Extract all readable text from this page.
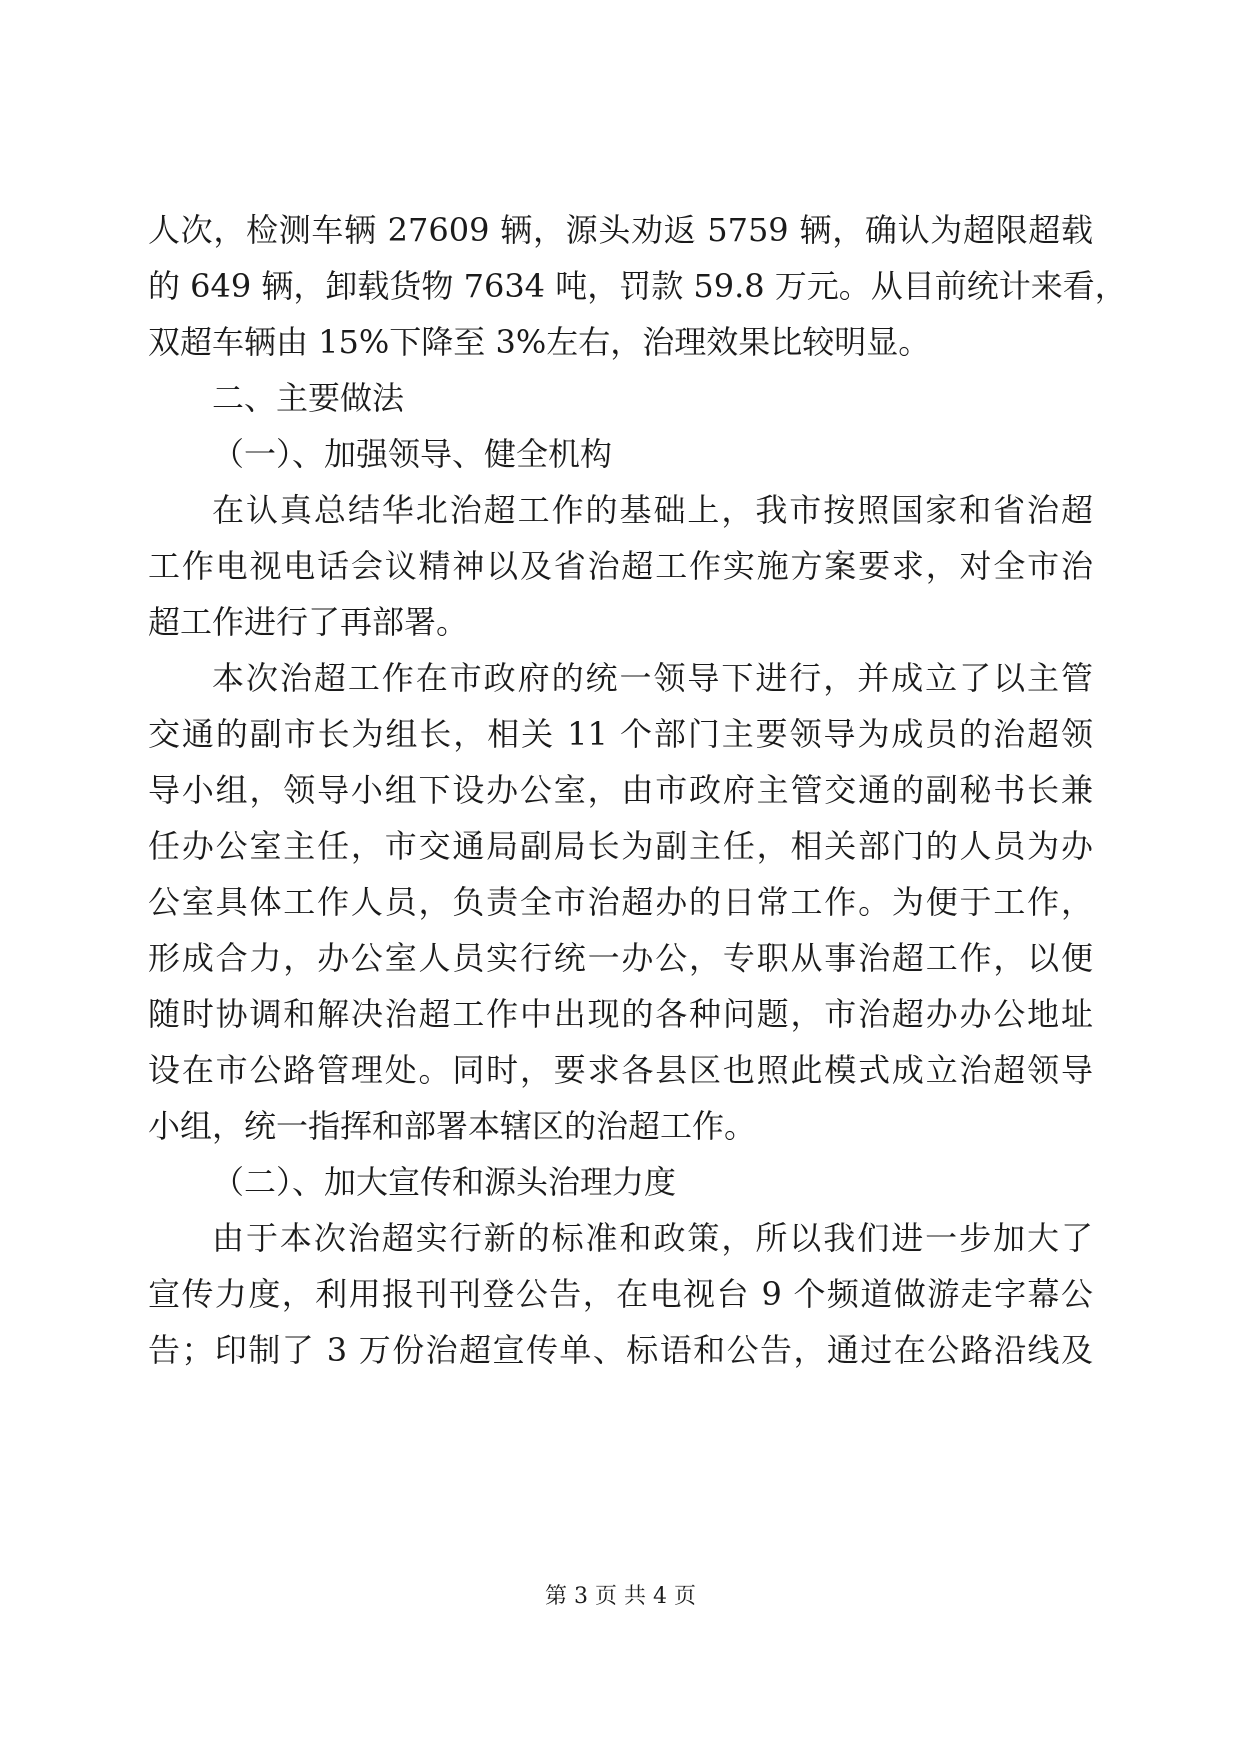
人次，检测车辆 27609 辆，源头劝返 5759 辆，确认为超限超载
的 649 辆，卸载货物 7634 吨，罚款 59.8 万元。从目前统计来看，
双超车辆由 15%下降至 3%左右，治理效果比较明显。
二、主要做法
（一）、加强领导、健全机构
在认真总结华北治超工作的基础上，我市按照国家和省治超
工作电视电话会议精神以及省治超工作实施方案要求，对全市治
超工作进行了再部署。
本次治超工作在市政府的统一领导下进行，并成立了以主管
交通的副市长为组长，相关 11 个部门主要领导为成员的治超领
导小组，领导小组下设办公室，由市政府主管交通的副秘书长兼
任办公室主任，市交通局副局长为副主任，相关部门的人员为办
公室具体工作人员，负责全市治超办的日常工作。为便于工作，
形成合力，办公室人员实行统一办公，专职从事治超工作，以便
随时协调和解决治超工作中出现的各种问题，市治超办办公地址
设在市公路管理处。同时，要求各县区也照此模式成立治超领导
小组，统一指挥和部署本辖区的治超工作。
（二）、加大宣传和源头治理力度
由于本次治超实行新的标准和政策，所以我们进一步加大了
宣传力度，利用报刊刊登公告，在电视台 9 个频道做游走字幕公
告；印制了 3 万份治超宣传单、标语和公告，通过在公路沿线及
第 3 页 共 4 页
